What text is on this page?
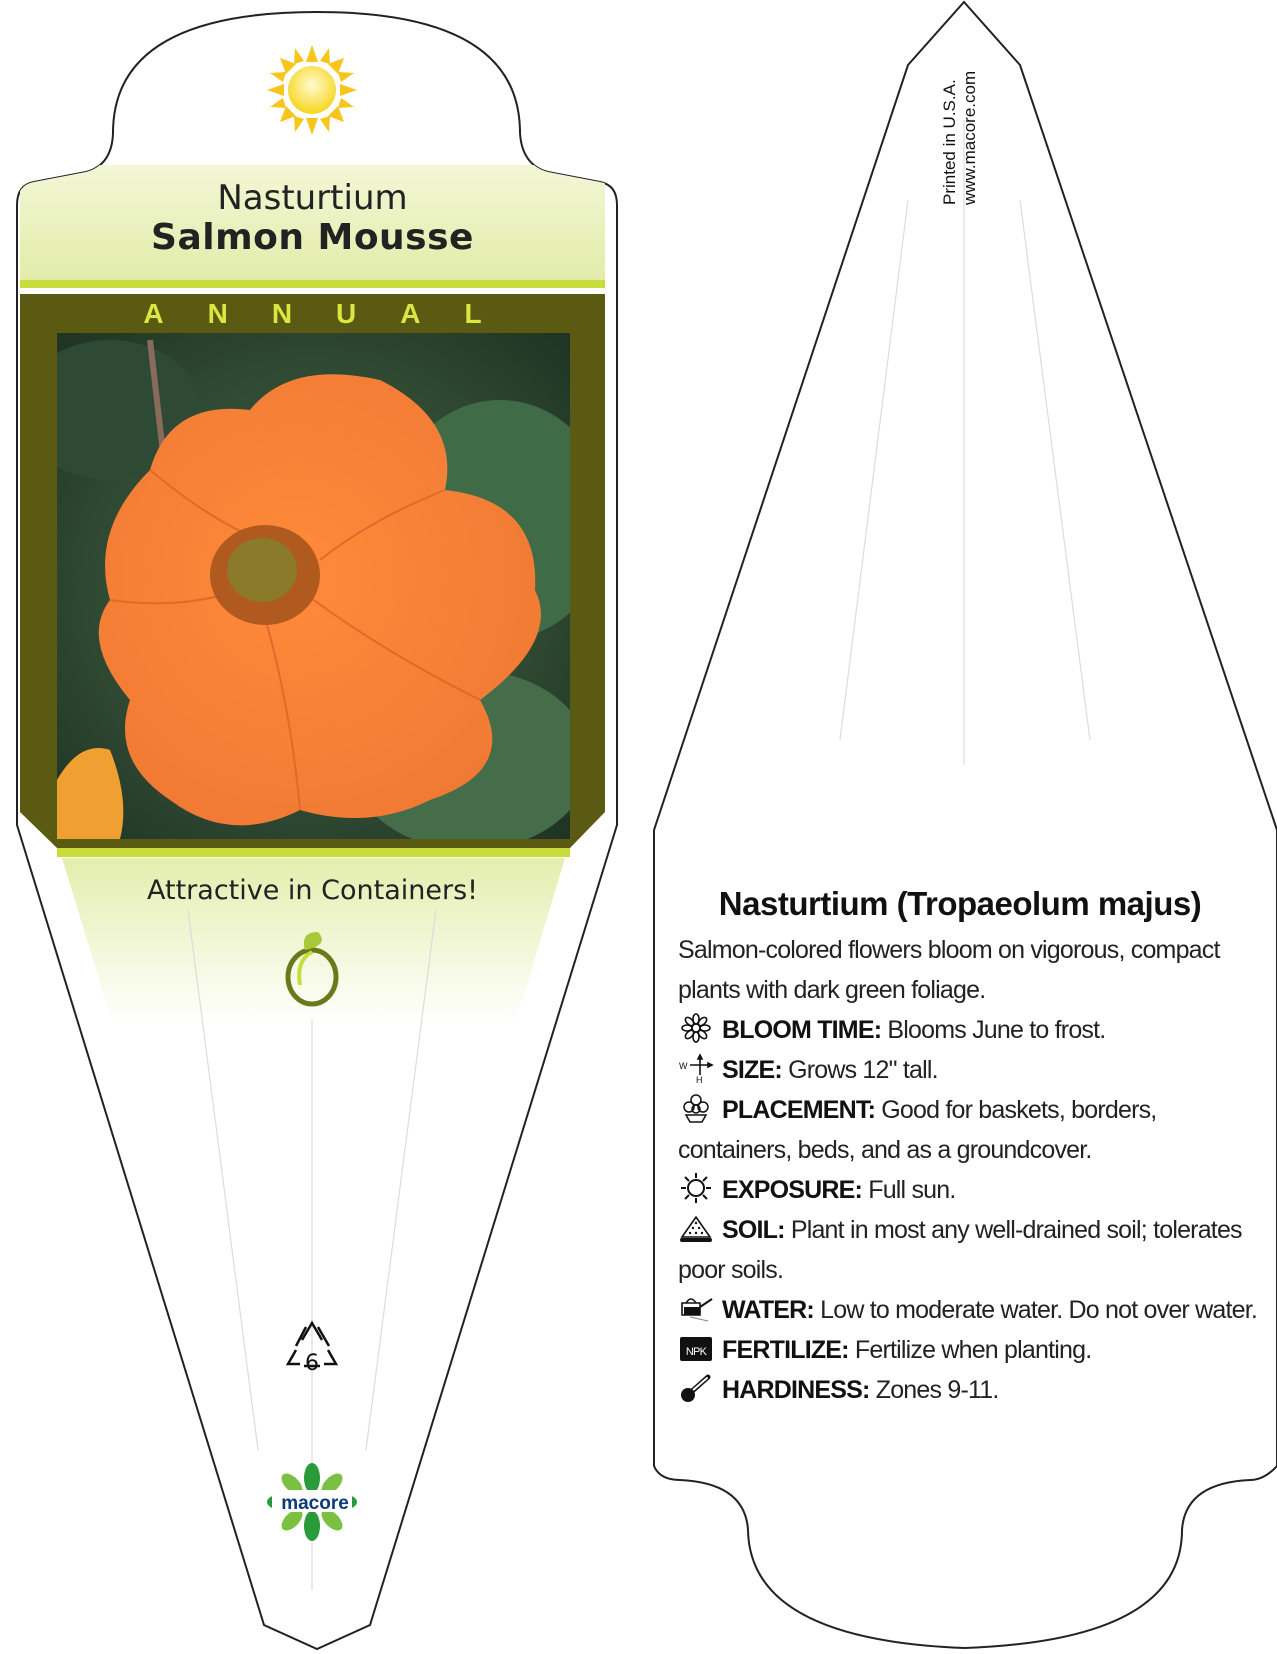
Nasturtium
Salmon Mousse
ANNUAL
Attractive in Containers!
6
macore
Printed in U.S.A. www.macore.com
Nasturtium (Tropaeolum majus)

Salmon-colored flowers bloom on vigorous, compact plants with dark green foliage.

BLOOM TIME: Blooms June to frost.

W
H SIZE: Grows 12" tall.

PLACEMENT: Good for baskets, borders, containers, beds, and as a groundcover.

EXPOSURE: Full sun.

SOIL: Plant in most any well-drained soil; tolerates poor soils.

WATER: Low to moderate water. Do not over water.

NPK FERTILIZE: Fertilize when planting.

HARDINESS: Zones 9-11.
